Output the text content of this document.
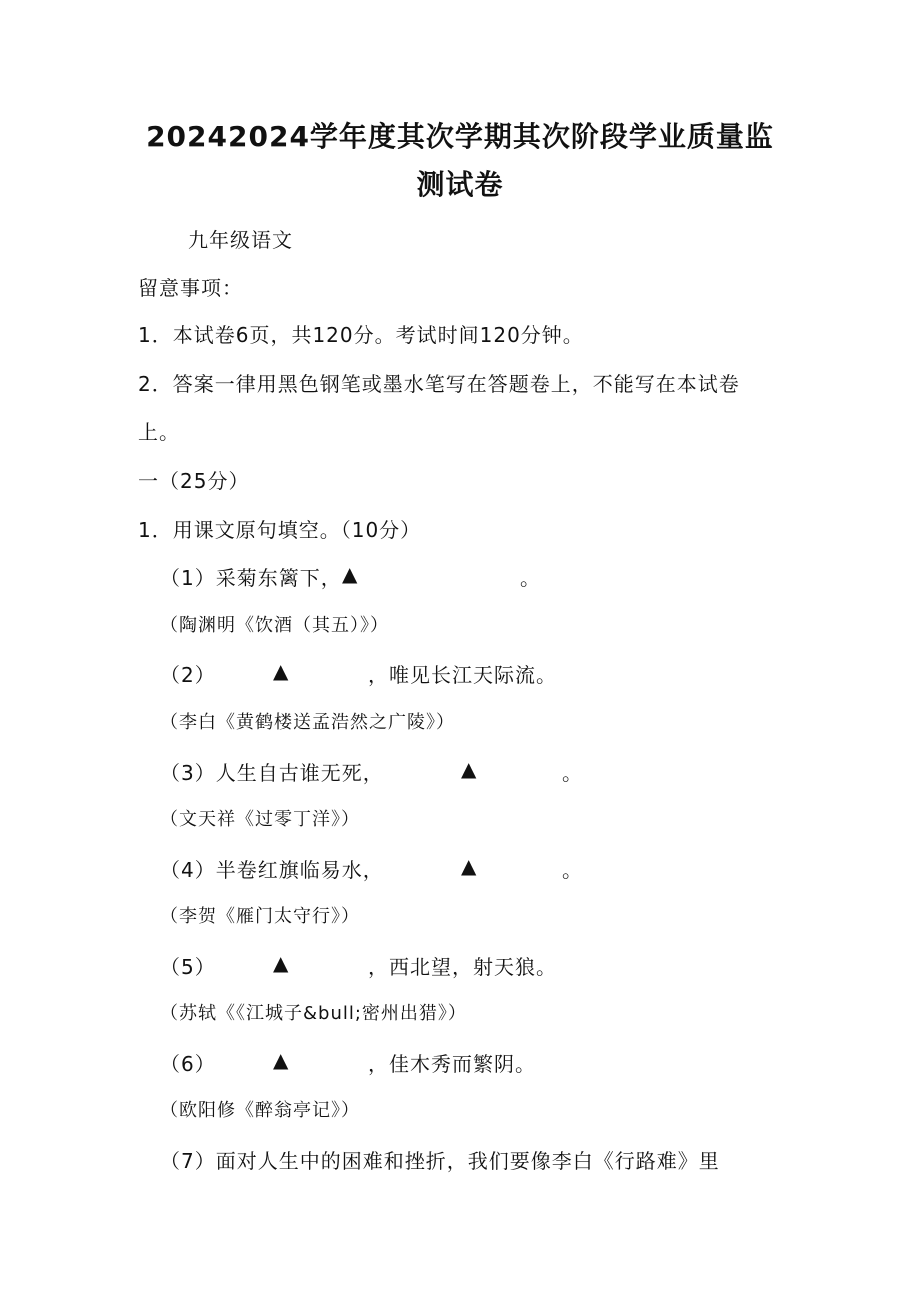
20242024学年度其次学期其次阶段学业质量监
测试卷
九年级语文
留意事项：
1．本试卷6页，共120分。考试时间120分钟。
2．答案一律用黑色钢笔或墨水笔写在答题卷上，不能写在本试卷
上。
一（25分）
1．用课文原句填空。（10分）
（1）采菊东篱下， ▲	。
（陶渊明《饮酒（其五）》）
（2）	▲	，唯见长江天际流。
（李白《黄鹤楼送孟浩然之广陵》）
（3）人生自古谁无死，	▲	。
（文天祥《过零丁洋》）
（4）半卷红旗临易水，	▲	。
（李贺《雁门太守行》）
（5）	▲	，西北望，射天狼。
（苏轼《《江城子&bull;密州出猎》）
（6）	▲	，佳木秀而繁阴。
（欧阳修《醉翁亭记》）
（7）面对人生中的困难和挫折，我们要像李白《行路难》里
